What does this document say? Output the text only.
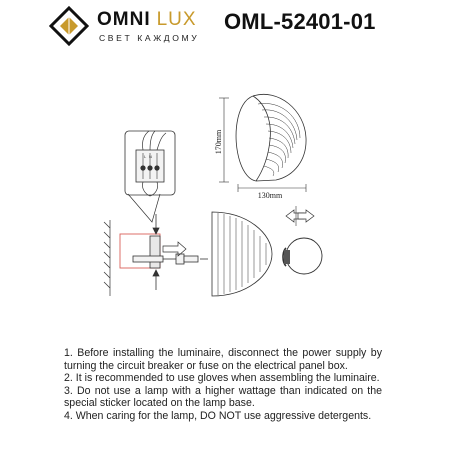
OMNI LUX
СВЕТ КАЖДОМУ
OML-52401-01
170mm
130mm
L N

1. Before installing the luminaire, disconnect the power supply by turning the circuit breaker or fuse on the electrical panel box.

2. It is recommended to use gloves when assembling the luminaire.

3. Do not use a lamp with a higher wattage than indicated on the special sticker located on the lamp base.

4. When caring for the lamp, DO NOT use aggressive detergents.
